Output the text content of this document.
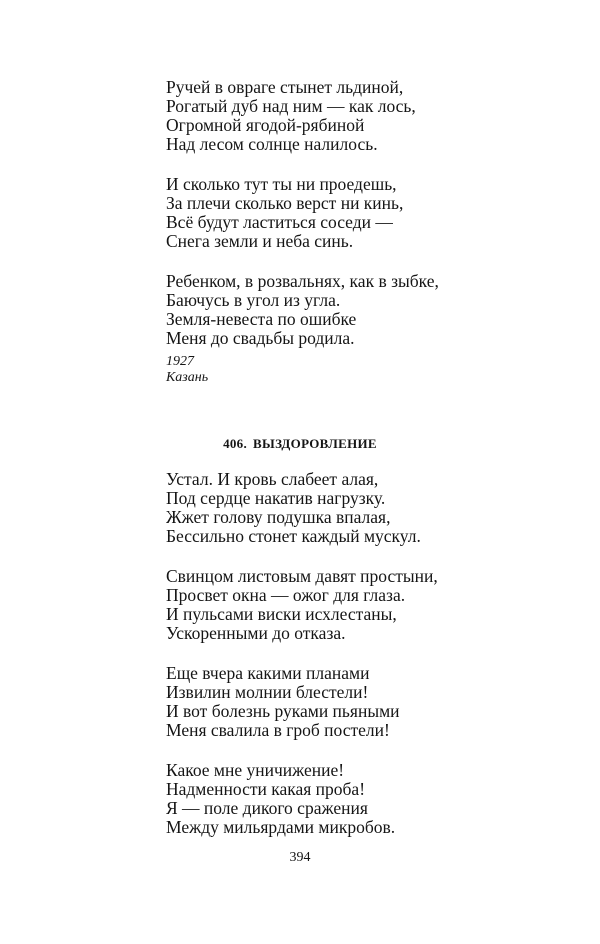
Ручей в овраге стынет льдиной,
Рогатый дуб над ним — как лось,
Огромной ягодой-рябиной
Над лесом солнце налилось.
И сколько тут ты ни проедешь,
За плечи сколько верст ни кинь,
Всё будут ластиться соседи —
Снега земли и неба синь.
Ребенком, в розвальнях, как в зыбке,
Баючусь в угол из угла.
Земля-невеста по ошибке
Меня до свадьбы родила.
1927
Казань
406. ВЫЗДОРОВЛЕНИЕ
Устал. И кровь слабеет алая,
Под сердце накатив нагрузку.
Жжет голову подушка впалая,
Бессильно стонет каждый мускул.
Свинцом листовым давят простыни,
Просвет окна — ожог для глаза.
И пульсами виски исхлестаны,
Ускоренными до отказа.
Еще вчера какими планами
Извилин молнии блестели!
И вот болезнь руками пьяными
Меня свалила в гроб постели!
Какое мне уничижение!
Надменности какая проба!
Я — поле дикого сражения
Между мильярдами микробов.
394
